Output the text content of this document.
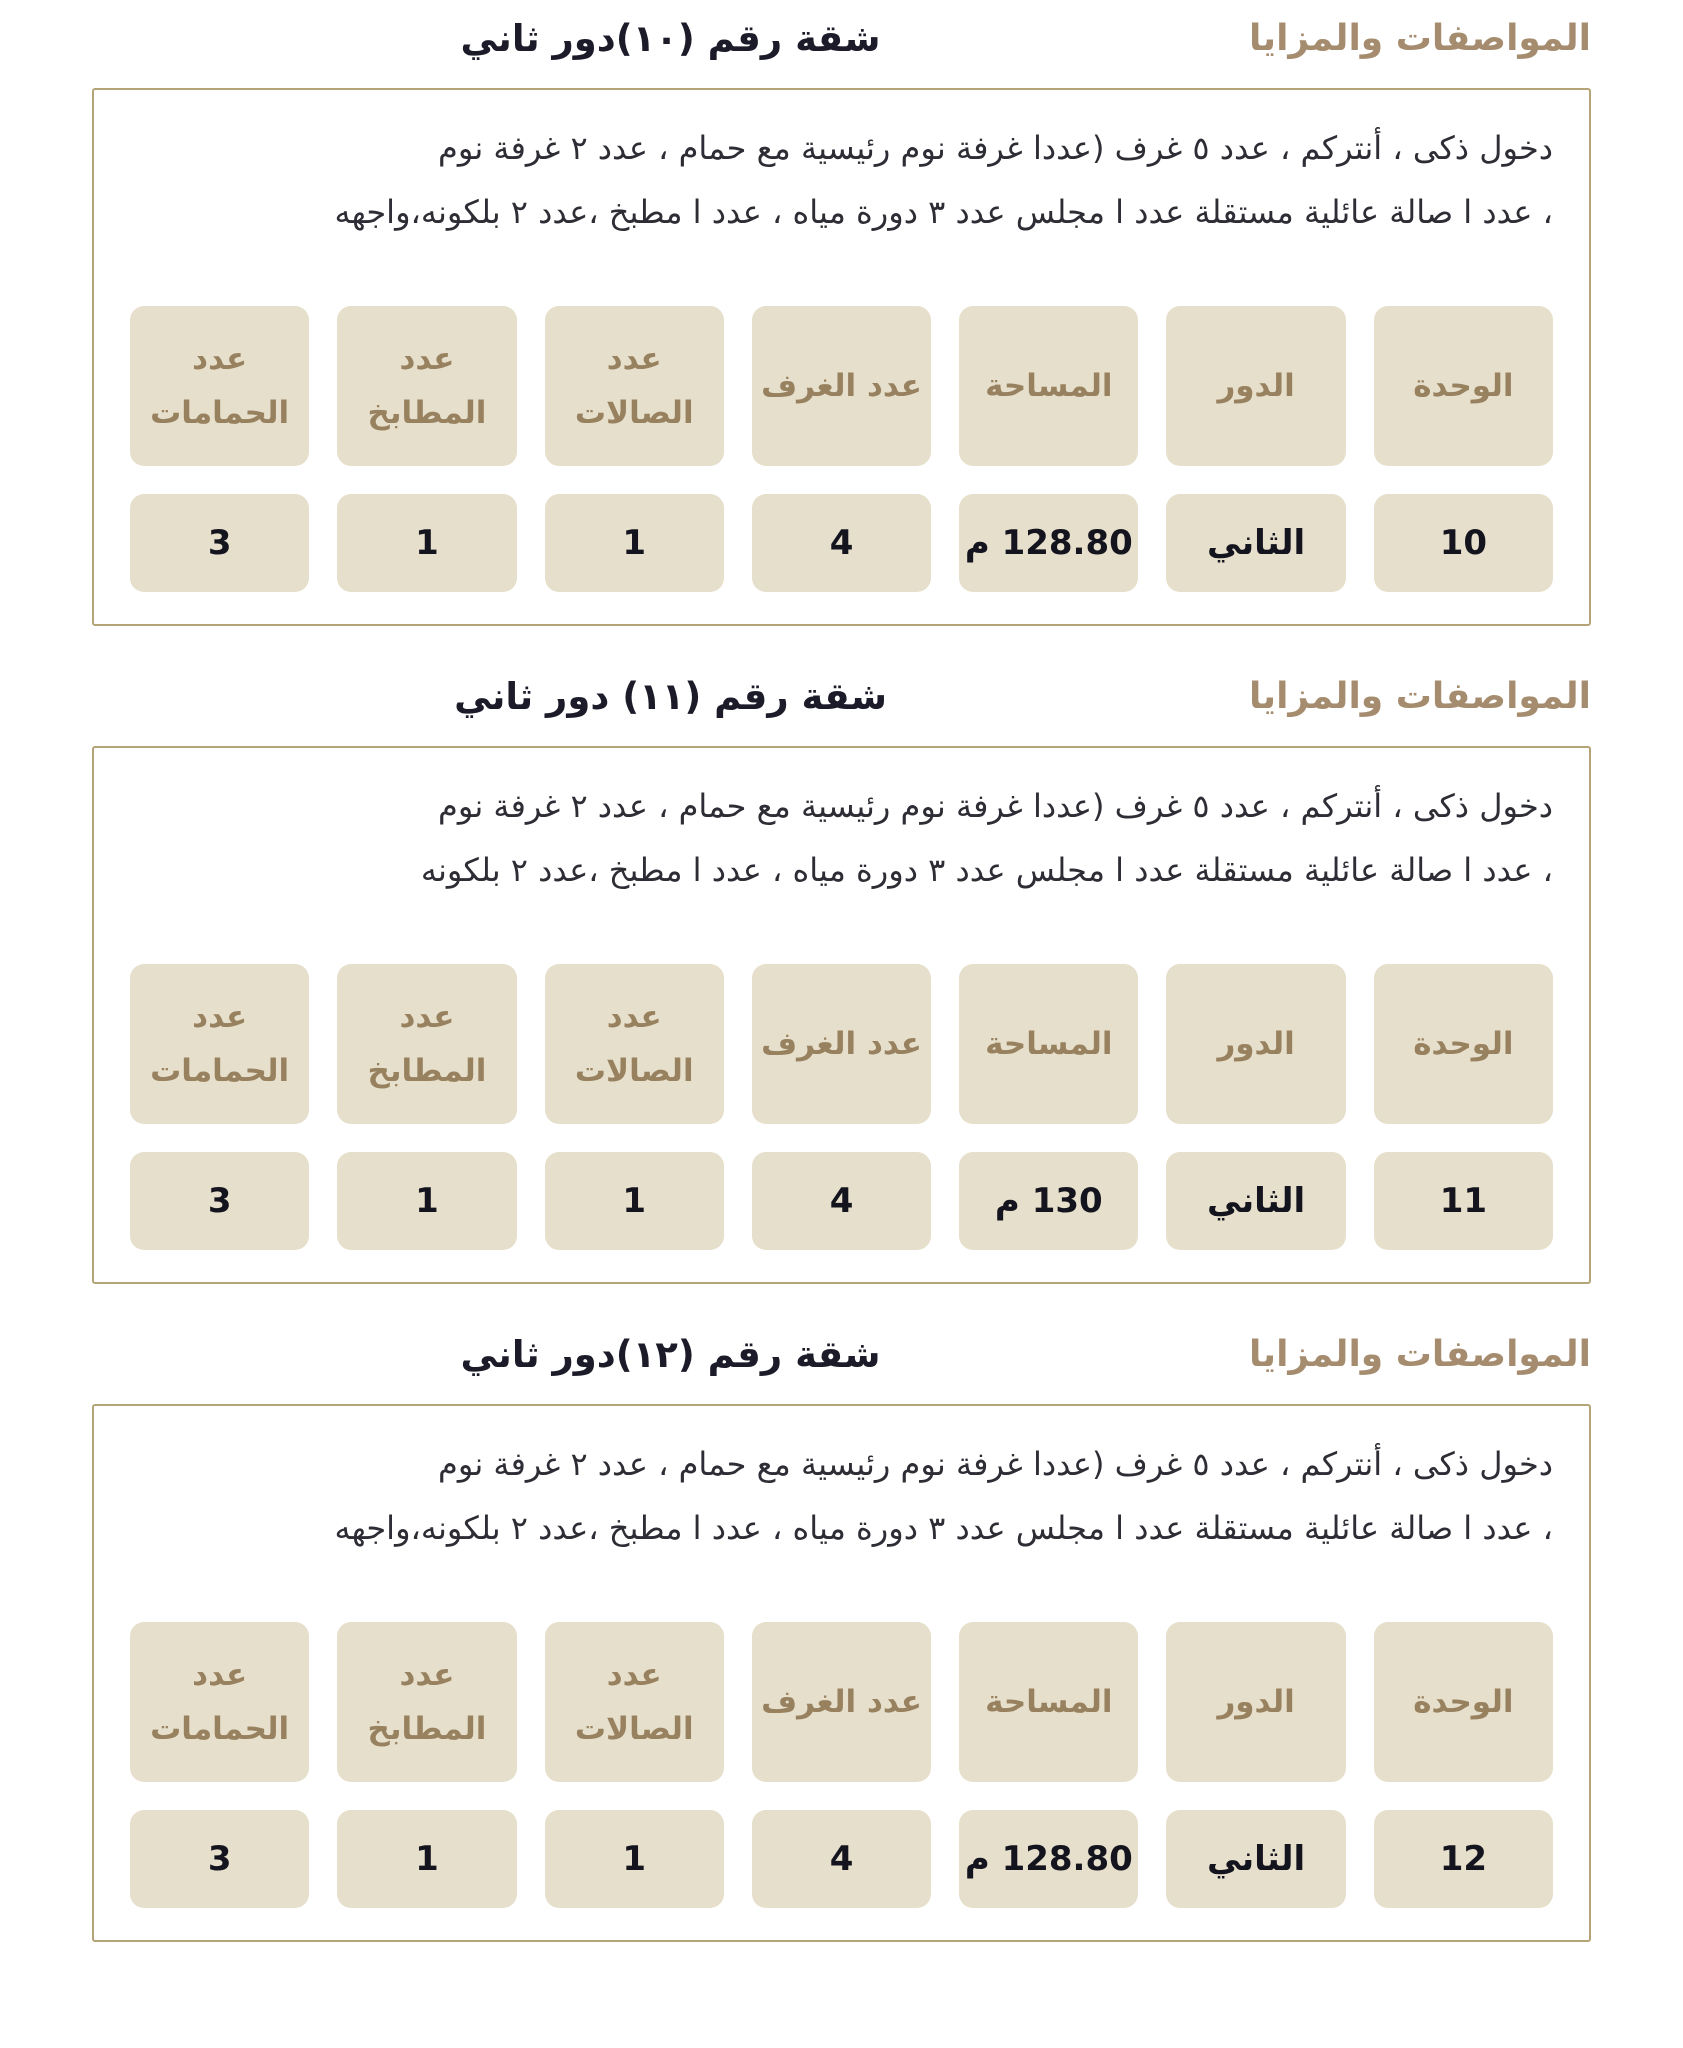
المواصفات والمزايا
شقة رقم (١٠)دور ثاني

دخول ذكى ، أنتركم ، عدد ٥ غرف (عددا غرفة نوم رئيسية مع حمام ، عدد ٢ غرفة نوم
، عدد ا صالة عائلية مستقلة عدد ا مجلس عدد ٣ دورة مياه ، عدد ا مطبخ ،عدد ٢ بلكونه،واجهه

الوحدة
10
الدور
الثاني
المساحة
128.80 م
عدد الغرف
4
عدد الصالات
1
عدد المطابخ
1
عدد الحمامات
3
المواصفات والمزايا
شقة رقم (١١) دور ثاني

دخول ذكى ، أنتركم ، عدد ٥ غرف (عددا غرفة نوم رئيسية مع حمام ، عدد ٢ غرفة نوم
، عدد ا صالة عائلية مستقلة عدد ا مجلس عدد ٣ دورة مياه ، عدد ا مطبخ ،عدد ٢ بلكونه

الوحدة
11
الدور
الثاني
المساحة
130 م
عدد الغرف
4
عدد الصالات
1
عدد المطابخ
1
عدد الحمامات
3
المواصفات والمزايا
شقة رقم (١٢)دور ثاني

دخول ذكى ، أنتركم ، عدد ٥ غرف (عددا غرفة نوم رئيسية مع حمام ، عدد ٢ غرفة نوم
، عدد ا صالة عائلية مستقلة عدد ا مجلس عدد ٣ دورة مياه ، عدد ا مطبخ ،عدد ٢ بلكونه،واجهه

الوحدة
12
الدور
الثاني
المساحة
128.80 م
عدد الغرف
4
عدد الصالات
1
عدد المطابخ
1
عدد الحمامات
3
